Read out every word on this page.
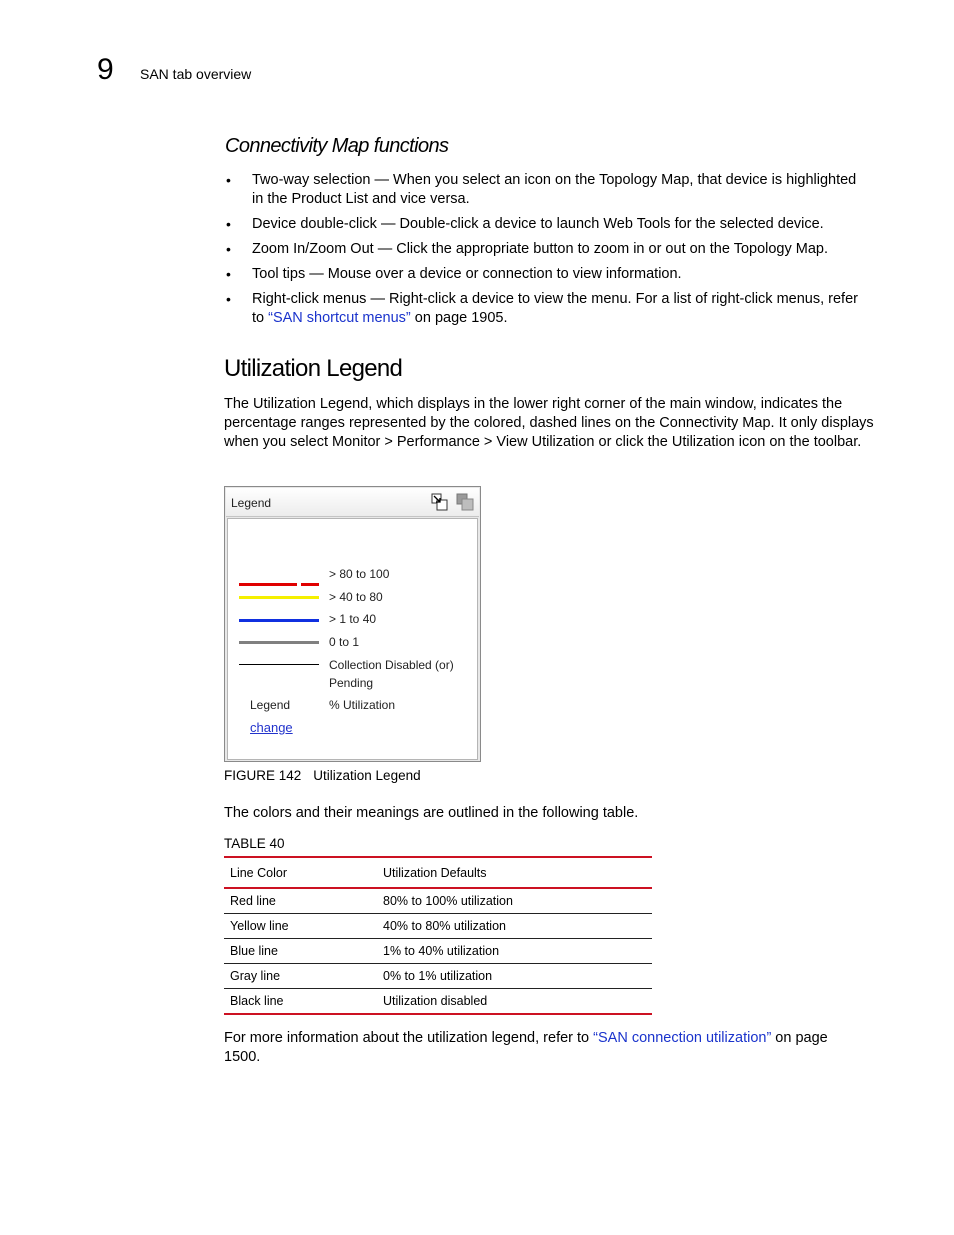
9 SAN tab overview
Connectivity Map functions
• Two-way selection — When you select an icon on the Topology Map, that device is highlighted in the Product List and vice versa.
• Device double-click — Double-click a device to launch Web Tools for the selected device.
• Zoom In/Zoom Out — Click the appropriate button to zoom in or out on the Topology Map.
• Tool tips — Mouse over a device or connection to view information.
• Right-click menus — Right-click a device to view the menu. For a list of right-click menus, refer to “SAN shortcut menus” on page 1905.
Utilization Legend

The Utilization Legend, which displays in the lower right corner of the main window, indicates the percentage ranges represented by the colored, dashed lines on the Connectivity Map. It only displays when you select Monitor > Performance > View Utilization or click the Utilization icon on the toolbar.

Legend
> 80 to 100
> 40 to 80
> 1 to 40
0 to 1
Collection Disabled (or)
Pending
Legend	% Utilization
change
FIGURE 142 Utilization Legend
The colors and their meanings are outlined in the following table.
TABLE 40
Line Color	Utilization Defaults
Red line	80% to 100% utilization
Yellow line	40% to 80% utilization
Blue line	1% to 40% utilization
Gray line	0% to 1% utilization
Black line	Utilization disabled

For more information about the utilization legend, refer to “SAN connection utilization” on page 1500.
